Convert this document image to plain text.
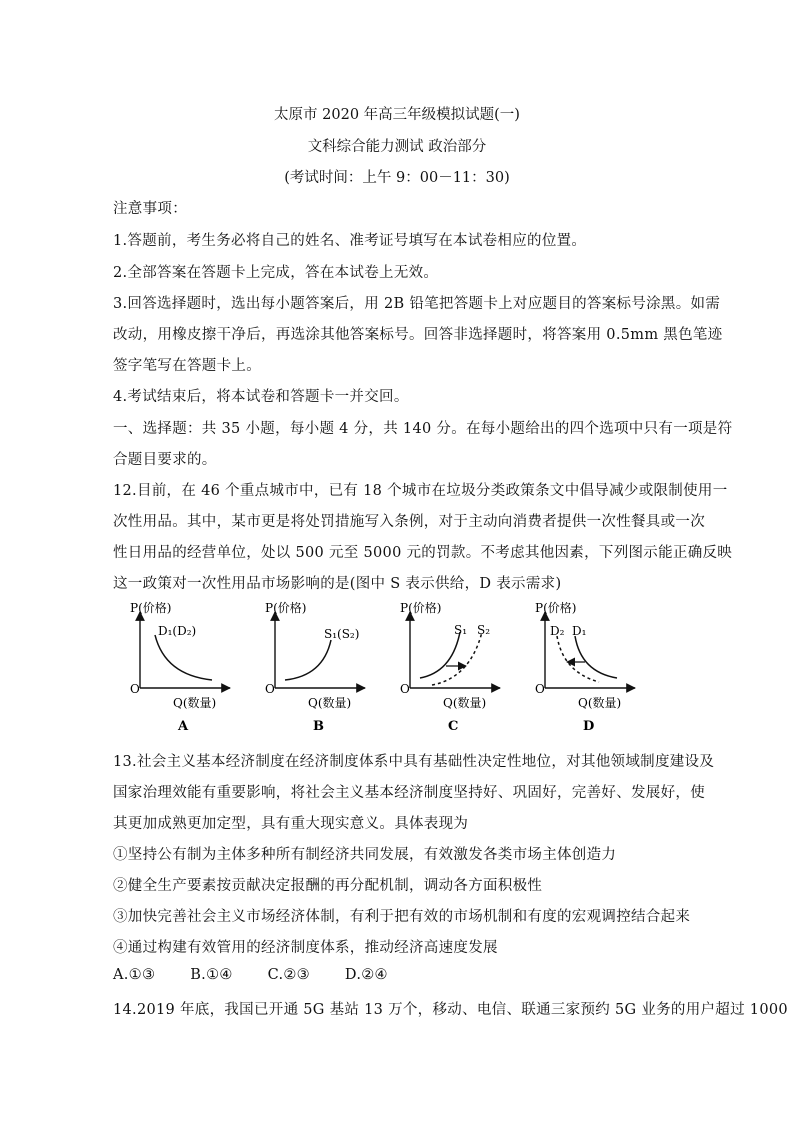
太原市 2020 年高三年级模拟试题(一)
文科综合能力测试 政治部分
(考试时间：上午 9：00－11：30)
注意事项：
1.答题前，考生务必将自己的姓名、准考证号填写在本试卷相应的位置。
2.全部答案在答题卡上完成，答在本试卷上无效。
3.回答选择题时，选出每小题答案后，用 2B 铅笔把答题卡上对应题目的答案标号涂黑。如需
改动，用橡皮擦干净后，再选涂其他答案标号。回答非选择题时，将答案用 0.5mm 黑色笔迹
签字笔写在答题卡上。
4.考试结束后，将本试卷和答题卡一并交回。
一、选择题：共 35 小题，每小题 4 分，共 140 分。在每小题给出的四个选项中只有一项是符
合题目要求的。
12.目前，在 46 个重点城市中，已有 18 个城市在垃圾分类政策条文中倡导减少或限制使用一
次性用品。其中，某市更是将处罚措施写入条例，对于主动向消费者提供一次性餐具或一次
性日用品的经营单位，处以 500 元至 5000 元的罚款。不考虑其他因素，下列图示能正确反映
这一政策对一次性用品市场影响的是(图中 S 表示供给，D 表示需求)
P(价格)
O
Q(数量)
D₁(D₂)
A
P(价格)
O
Q(数量)
S₁(S₂)
B
P(价格)
O
Q(数量)
S₁ S₂
C
P(价格)
O
Q(数量)
D₂ D₁
D
13.社会主义基本经济制度在经济制度体系中具有基础性决定性地位，对其他领域制度建设及
国家治理效能有重要影响，将社会主义基本经济制度坚持好、巩固好，完善好、发展好，使
其更加成熟更加定型，具有重大现实意义。具体表现为
①坚持公有制为主体多种所有制经济共同发展，有效激发各类市场主体创造力
②健全生产要素按贡献决定报酬的再分配机制，调动各方面积极性
③加快完善社会主义市场经济体制，有利于把有效的市场机制和有度的宏观调控结合起来
④通过构建有效管用的经济制度体系，推动经济高速度发展
A.①③ B.①④ C.②③ D.②④
14.2019 年底，我国已开通 5G 基站 13 万个，移动、电信、联通三家预约 5G 业务的用户超过 1000
